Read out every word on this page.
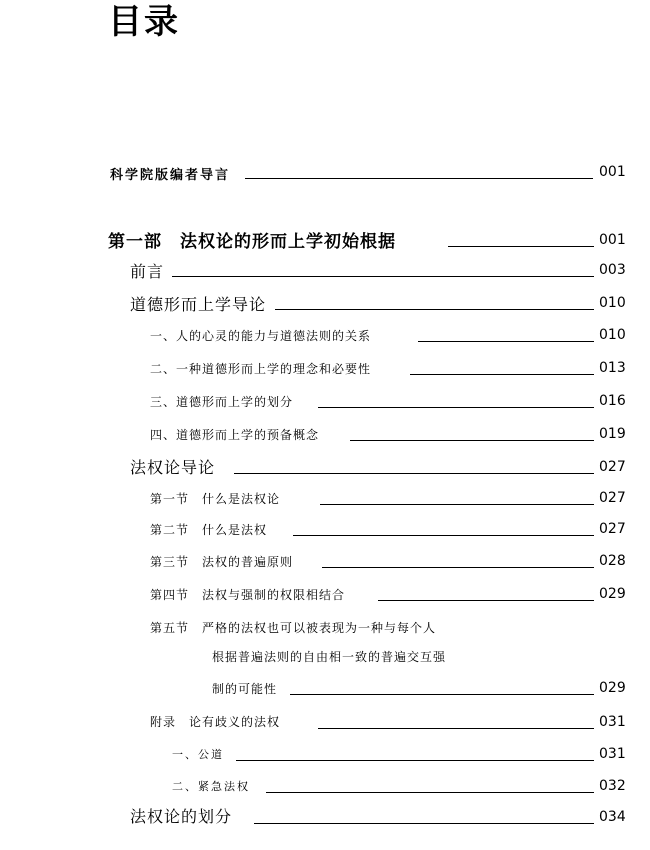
目录
科学院版编者导言	001
第一部　法权论的形而上学初始根据	001
前言	003
道德形而上学导论	010
一、人的心灵的能力与道德法则的关系	010
二、一种道德形而上学的理念和必要性	013
三、道德形而上学的划分	016
四、道德形而上学的预备概念	019
法权论导论	027
第一节　什么是法权论	027
第二节　什么是法权	027
第三节　法权的普遍原则	028
第四节　法权与强制的权限相结合	029
第五节　严格的法权也可以被表现为一种与每个人
根据普遍法则的自由相一致的普遍交互强
制的可能性	029
附录　论有歧义的法权	031
一、公道	031
二、紧急法权	032
法权论的划分	034
